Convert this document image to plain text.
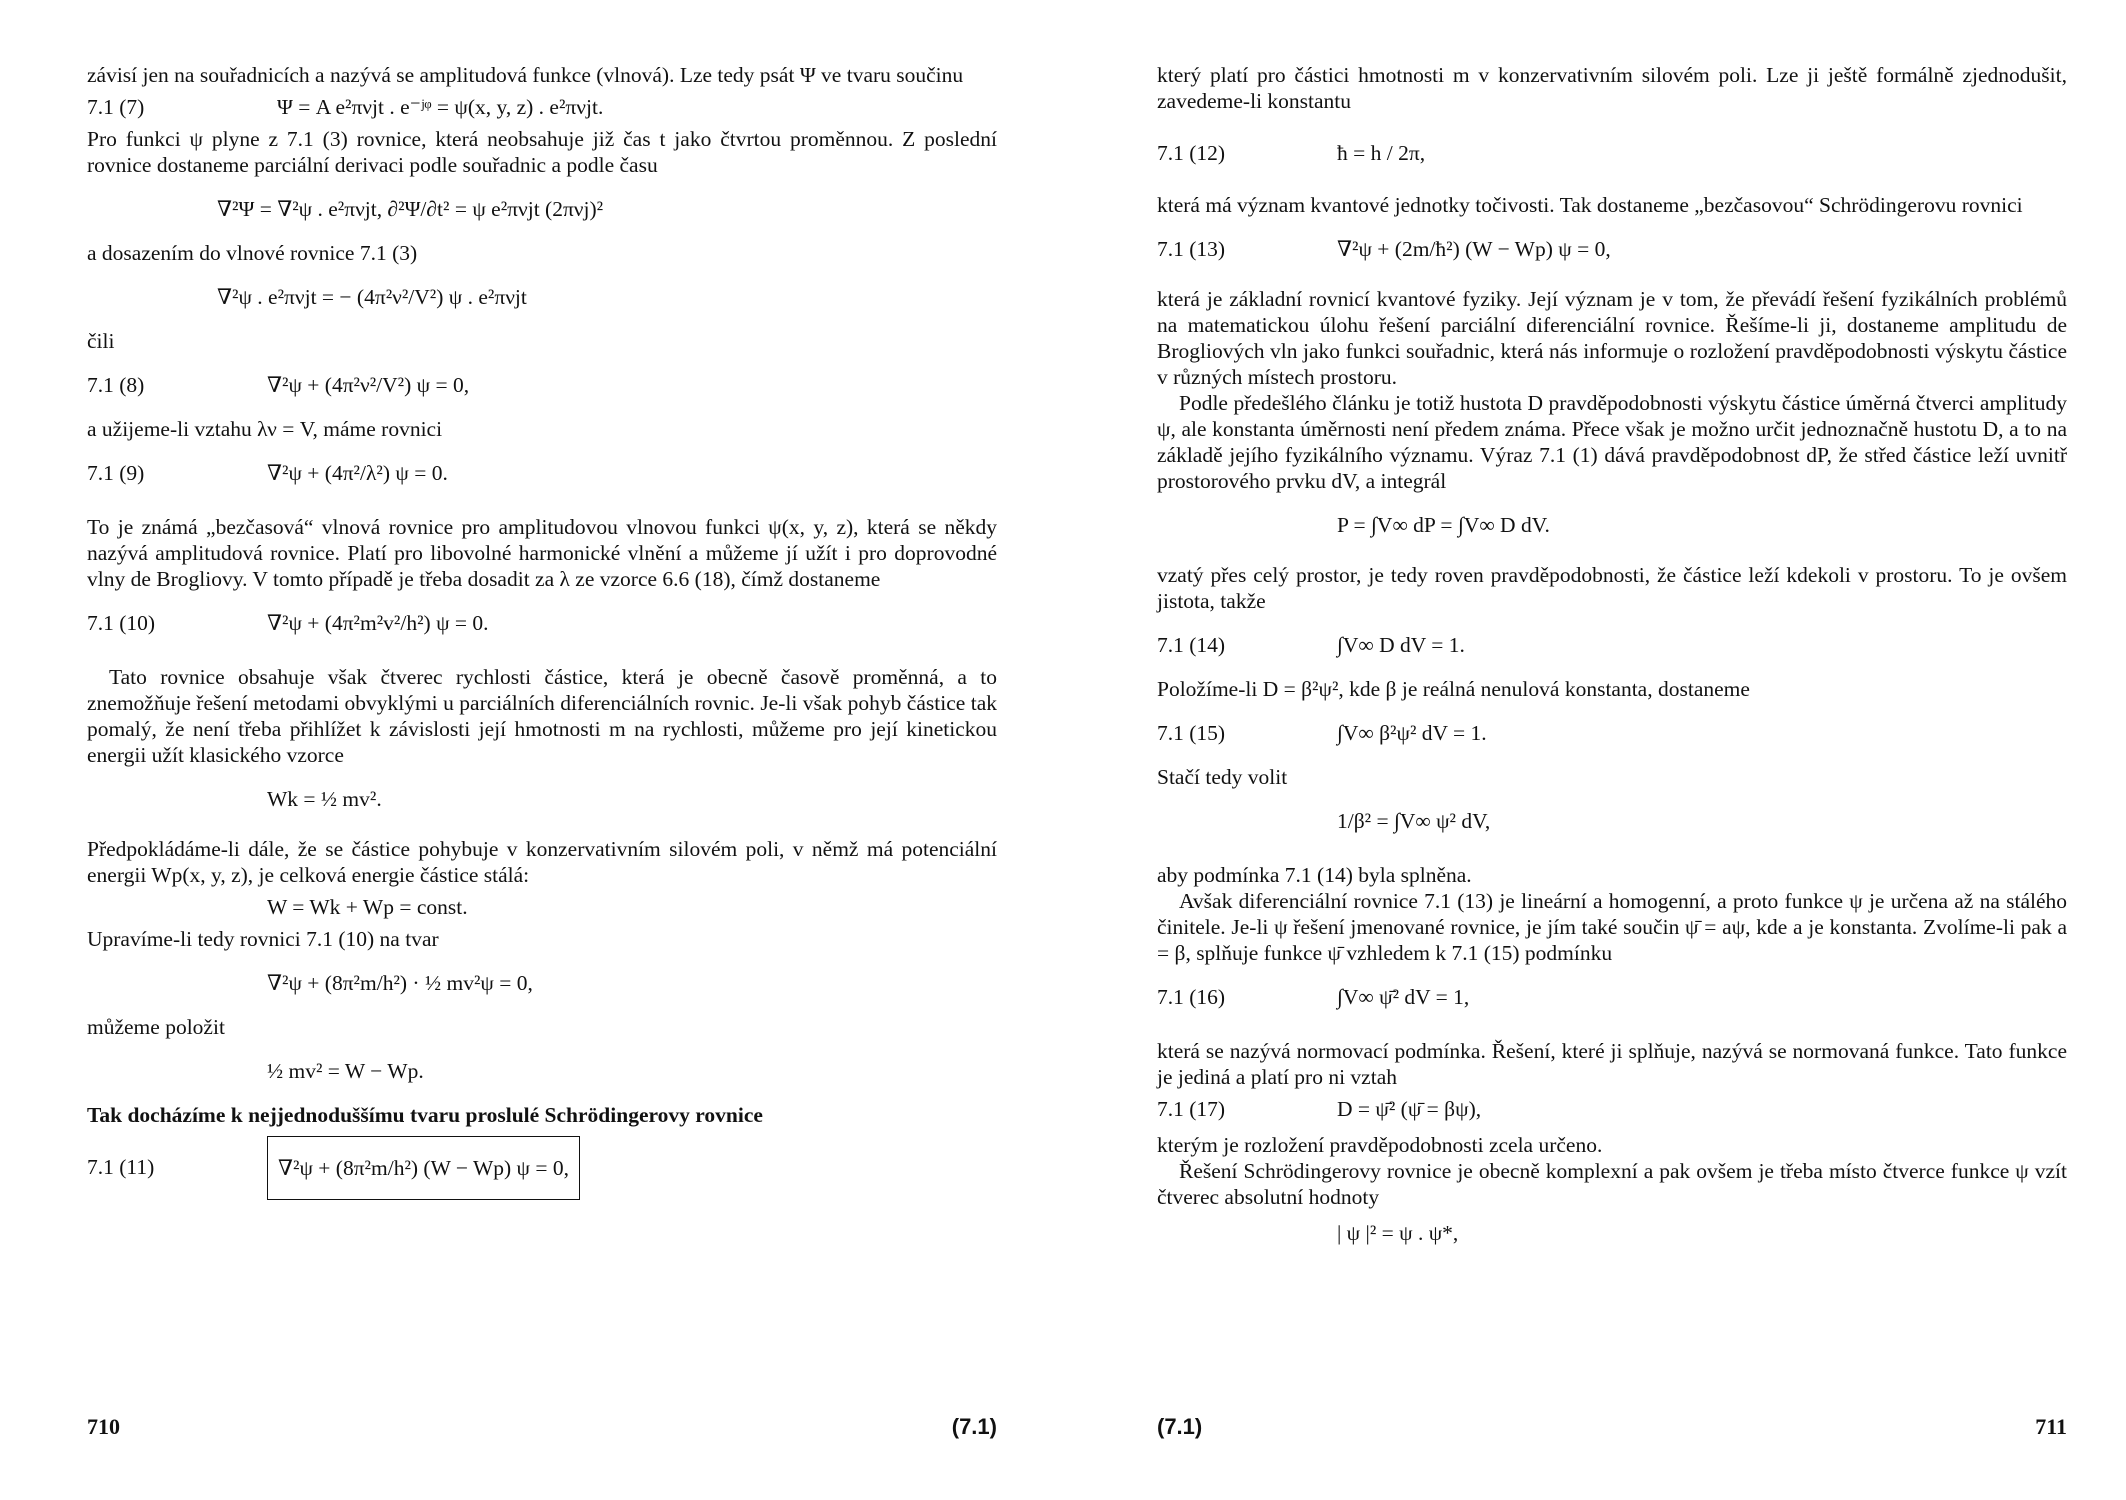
závisí jen na souřadnicích a nazývá se amplitudová funkce (vlnová). Lze tedy psát Ψ ve tvaru součinu

7.1 (7)	Ψ = A e²πνjt . e⁻ʲᵠ = ψ(x, y, z) . e²πνjt.

Pro funkci ψ plyne z 7.1 (3) rovnice, která neobsahuje již čas t jako čtvrtou proměnnou. Z poslední rovnice dostaneme parciální derivaci podle souřadnic a podle času

∇²Ψ = ∇²ψ . e²πνjt, ∂²Ψ/∂t² = ψ e²πνjt (2πνj)²

a dosazením do vlnové rovnice 7.1 (3)

∇²ψ . e²πνjt = − (4π²ν²/V²) ψ . e²πνjt

čili

7.1 (8)	∇²ψ + (4π²ν²/V²) ψ = 0,

a užijeme-li vztahu λν = V, máme rovnici

7.1 (9)	∇²ψ + (4π²/λ²) ψ = 0.

To je známá „bezčasová“ vlnová rovnice pro amplitudovou vlnovou funkci ψ(x, y, z), která se někdy nazývá amplitudová rovnice. Platí pro libovolné harmonické vlnění a můžeme jí užít i pro doprovodné vlny de Brogliovy. V tomto případě je třeba dosadit za λ ze vzorce 6.6 (18), čímž dostaneme

7.1 (10)	∇²ψ + (4π²m²v²/h²) ψ = 0.

Tato rovnice obsahuje však čtverec rychlosti částice, která je obecně časově proměnná, a to znemožňuje řešení metodami obvyklými u parciálních diferenciálních rovnic. Je-li však pohyb částice tak pomalý, že není třeba přihlížet k závislosti její hmotnosti m na rychlosti, můžeme pro její kinetickou energii užít klasického vzorce

Wk = ½ mv².

Předpokládáme-li dále, že se částice pohybuje v konzervativním silovém poli, v němž má potenciální energii Wp(x, y, z), je celková energie částice stálá:

W = Wk + Wp = const.

Upravíme-li tedy rovnici 7.1 (10) na tvar

∇²ψ + (8π²m/h²) · ½ mv²ψ = 0,

můžeme položit

½ mv² = W − Wp.

Tak docházíme k nejjednoduššímu tvaru proslulé Schrödingerovy rovnice

7.1 (11)	∇²ψ + (8π²m/h²) (W − Wp) ψ = 0,
710	(7.1)

který platí pro částici hmotnosti m v konzervativním silovém poli. Lze ji ještě formálně zjednodušit, zavedeme-li konstantu

7.1 (12)	ħ = h / 2π,

která má význam kvantové jednotky točivosti. Tak dostaneme „bezčasovou“ Schrödingerovu rovnici

7.1 (13)	∇²ψ + (2m/ħ²) (W − Wp) ψ = 0,

která je základní rovnicí kvantové fyziky. Její význam je v tom, že převádí řešení fyzikálních problémů na matematickou úlohu řešení parciální diferenciální rovnice. Řešíme-li ji, dostaneme amplitudu de Brogliových vln jako funkci souřadnic, která nás informuje o rozložení pravděpodobnosti výskytu částice v různých místech prostoru.

Podle předešlého článku je totiž hustota D pravděpodobnosti výskytu částice úměrná čtverci amplitudy ψ, ale konstanta úměrnosti není předem známa. Přece však je možno určit jednoznačně hustotu D, a to na základě jejího fyzikálního významu. Výraz 7.1 (1) dává pravděpodobnost dP, že střed částice leží uvnitř prostorového prvku dV, a integrál

P = ∫V∞ dP = ∫V∞ D dV.

vzatý přes celý prostor, je tedy roven pravděpodobnosti, že částice leží kdekoli v prostoru. To je ovšem jistota, takže

7.1 (14)	∫V∞ D dV = 1.

Položíme-li D = β²ψ², kde β je reálná nenulová konstanta, dostaneme

7.1 (15)	∫V∞ β²ψ² dV = 1.

Stačí tedy volit

1/β² = ∫V∞ ψ² dV,

aby podmínka 7.1 (14) byla splněna.

Avšak diferenciální rovnice 7.1 (13) je lineární a homogenní, a proto funkce ψ je určena až na stálého činitele. Je-li ψ řešení jmenované rovnice, je jím také součin ψ̄ = aψ, kde a je konstanta. Zvolíme-li pak a = β, splňuje funkce ψ̄ vzhledem k 7.1 (15) podmínku

7.1 (16)	∫V∞ ψ̄² dV = 1,

která se nazývá normovací podmínka. Řešení, které ji splňuje, nazývá se normovaná funkce. Tato funkce je jediná a platí pro ni vztah

7.1 (17)	D = ψ̄² (ψ̄ = βψ),

kterým je rozložení pravděpodobnosti zcela určeno.

Řešení Schrödingerovy rovnice je obecně komplexní a pak ovšem je třeba místo čtverce funkce ψ vzít čtverec absolutní hodnoty

| ψ |² = ψ . ψ*,
(7.1)	711
